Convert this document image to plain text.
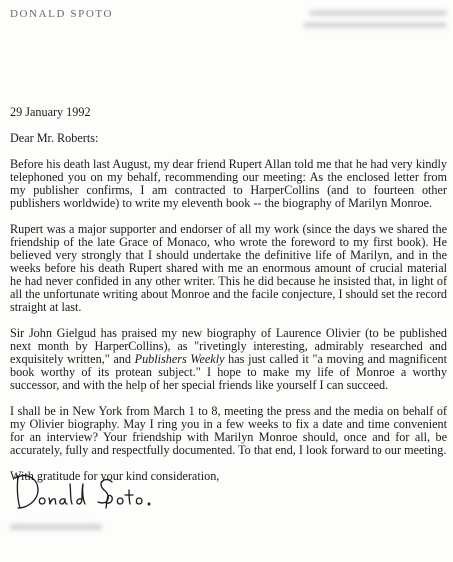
DONALD SPOTO

29 January 1992

Dear Mr. Roberts:

Before his death last August, my dear friend Rupert Allan told me that he had very kindly telephoned you on my behalf, recommending our meeting: As the enclosed letter from my publisher confirms, I am contracted to HarperCollins (and to fourteen other publishers worldwide) to write my eleventh book -- the biography of Marilyn Monroe.

Rupert was a major supporter and endorser of all my work (since the days we shared the friendship of the late Grace of Monaco, who wrote the foreword to my first book). He believed very strongly that I should undertake the definitive life of Marilyn, and in the weeks before his death Rupert shared with me an enormous amount of crucial material he had never confided in any other writer. This he did because he insisted that, in light of all the unfortunate writing about Monroe and the facile conjecture, I should set the record straight at last.

Sir John Gielgud has praised my new biography of Laurence Olivier (to be published next month by HarperCollins), as "rivetingly interesting, admirably researched and exquisitely written," and Publishers Weekly has just called it "a moving and magnificent book worthy of its protean subject." I hope to make my life of Monroe a worthy successor, and with the help of her special friends like yourself I can succeed.

I shall be in New York from March 1 to 8, meeting the press and the media on behalf of my Olivier biography. May I ring you in a few weeks to fix a date and time convenient for an interview? Your friendship with Marilyn Monroe should, once and for all, be accurately, fully and respectfully documented. To that end, I look forward to our meeting.

With gratitude for your kind consideration,
